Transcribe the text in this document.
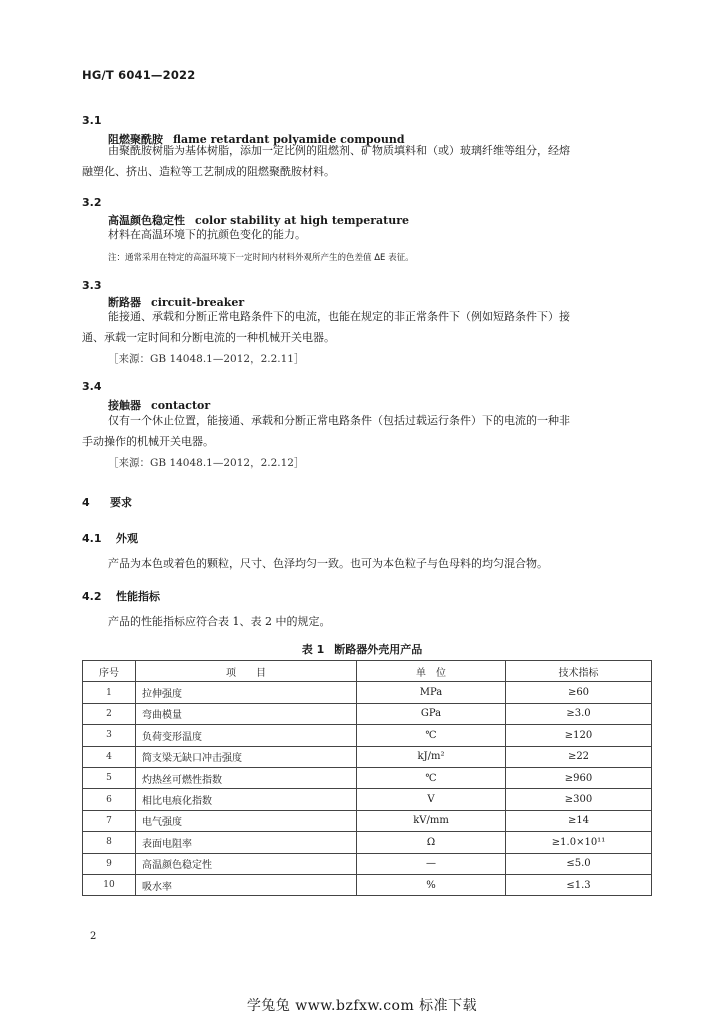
HG/T 6041—2022
3.1
阻燃聚酰胺 flame retardant polyamide compound
由聚酰胺树脂为基体树脂，添加一定比例的阻燃剂、矿物质填料和（或）玻璃纤维等组分，经熔
融塑化、挤出、造粒等工艺制成的阻燃聚酰胺材料。
3.2
高温颜色稳定性 color stability at high temperature
材料在高温环境下的抗颜色变化的能力。
注：通常采用在特定的高温环境下一定时间内材料外观所产生的色差值 ΔE 表征。
3.3
断路器 circuit-breaker
能接通、承载和分断正常电路条件下的电流，也能在规定的非正常条件下（例如短路条件下）接
通、承载一定时间和分断电流的一种机械开关电器。
［来源：GB 14048.1—2012，2.2.11］
3.4
接触器 contactor
仅有一个休止位置，能接通、承载和分断正常电路条件（包括过载运行条件）下的电流的一种非
手动操作的机械开关电器。
［来源：GB 14048.1—2012，2.2.12］
4 要求
4.1 外观
产品为本色或着色的颗粒，尺寸、色泽均匀一致。也可为本色粒子与色母料的均匀混合物。
4.2 性能指标
产品的性能指标应符合表 1、表 2 中的规定。
表 1 断路器外壳用产品
序号	项　　目	单　位	技术指标
1	拉伸强度	MPa	≥60
2	弯曲模量	GPa	≥3.0
3	负荷变形温度	℃	≥120
4	简支梁无缺口冲击强度	kJ/m²	≥22
5	灼热丝可燃性指数	℃	≥960
6	相比电痕化指数	V	≥300
7	电气强度	kV/mm	≥14
8	表面电阻率	Ω	≥1.0×10¹¹
9	高温颜色稳定性	—	≤5.0
10	吸水率	%	≤1.3
2
学兔兔 www.bzfxw.com 标准下载
